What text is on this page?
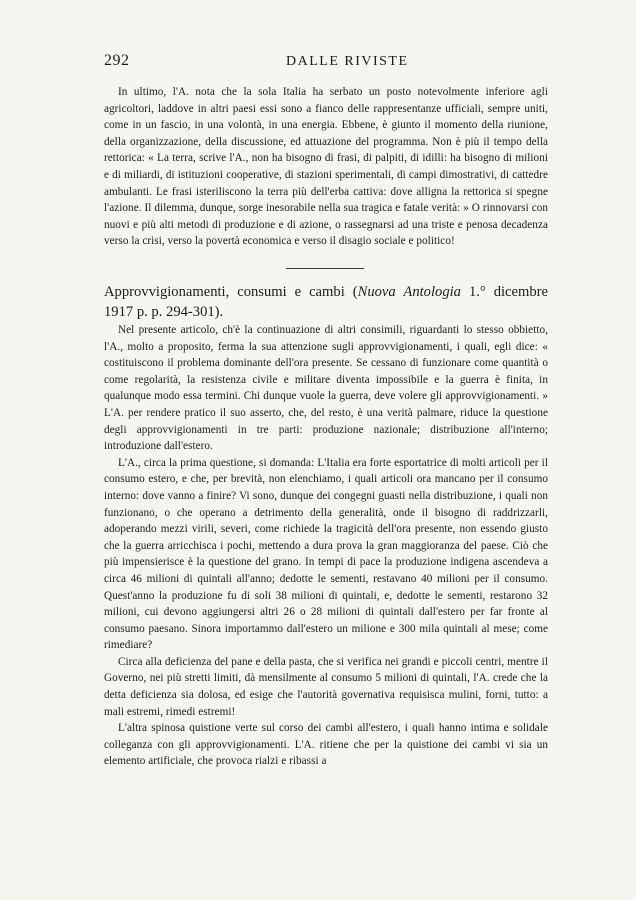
292	DALLE RIVISTE

In ultimo, l'A. nota che la sola Italia ha serbato un posto notevolmente inferiore agli agricoltori, laddove in altri paesi essi sono a fianco delle rappresentanze ufficiali, sempre uniti, come in un fascio, in una volontà, in una energia. Ebbene, è giunto il momento della riunione, della organizzazione, della discussione, ed attuazione del programma. Non è più il tempo della rettorica: « La terra, scrive l'A., non ha bisogno di frasi, di palpiti, di idilli: ha bisogno di milioni e di miliardi, di istituzioni cooperative, di stazioni sperimentali, di campi dimostrativi, di cattedre ambulanti. Le frasi isteriliscono la terra più dell'erba cattiva: dove alligna la rettorica si spegne l'azione. Il dilemma, dunque, sorge inesorabile nella sua tragica e fatale verità: » O rinnovarsi con nuovi e più alti metodi di produzione e di azione, o rassegnarsi ad una triste e penosa decadenza verso la crisi, verso la povertà economica e verso il disagio sociale e politico!

Approvvigionamenti, consumi e cambi (Nuova Antologia 1.° dicembre 1917 p. p. 294-301).

Nel presente articolo, ch'è la continuazione di altri consimili, riguardanti lo stesso obbietto, l'A., molto a proposito, ferma la sua attenzione sugli approvvigionamenti, i quali, egli dice: « costituiscono il problema dominante dell'ora presente. Se cessano di funzionare come quantità o come regolarità, la resistenza civile e militare diventa impossibile e la guerra è finita, in qualunque modo essa termini. Chi dunque vuole la guerra, deve volere gli approvvigionamenti. » L'A. per rendere pratico il suo asserto, che, del resto, è una verità palmare, riduce la questione degli approvvigionamenti in tre parti: produzione nazionale; distribuzione all'interno; introduzione dall'estero.

L'A., circa la prima questione, si domanda: L'Italia era forte esportatrice di molti articoli per il consumo estero, e che, per brevità, non elenchiamo, i quali articoli ora mancano per il consumo interno: dove vanno a finire? Vi sono, dunque dei congegni guasti nella distribuzione, i quali non funzionano, o che operano a detrimento della generalità, onde il bisogno di raddrizzarli, adoperando mezzi virili, severi, come richiede la tragicità dell'ora presente, non essendo giusto che la guerra arricchisca i pochi, mettendo a dura prova la gran maggioranza del paese. Ciò che più impensierisce è la questione del grano. In tempi di pace la produzione indigena ascendeva a circa 46 milioni di quintali all'anno; dedotte le sementi, restavano 40 milioni per il consumo. Quest'anno la produzione fu di soli 38 milioni di quintali, e, dedotte le sementi, restarono 32 milioni, cui devono aggiungersi altri 26 o 28 milioni di quintali dall'estero per far fronte al consumo paesano. Sinora importammo dall'estero un milione e 300 mila quintali al mese; come rimediare?

Circa alla deficienza del pane e della pasta, che si verifica nei grandi e piccoli centri, mentre il Governo, nei più stretti limiti, dà mensilmente al consumo 5 milioni di quintali, l'A. crede che la detta deficienza sia dolosa, ed esige che l'autorità governativa requisisca mulini, forni, tutto: a mali estremi, rimedi estremi!

L'altra spinosa quistione verte sul corso dei cambi all'estero, i quali hanno intima e solidale colleganza con gli approvvigionamenti. L'A. ritiene che per la quistione dei cambi vi sia un elemento artificiale, che provoca rialzi e ribassi a
